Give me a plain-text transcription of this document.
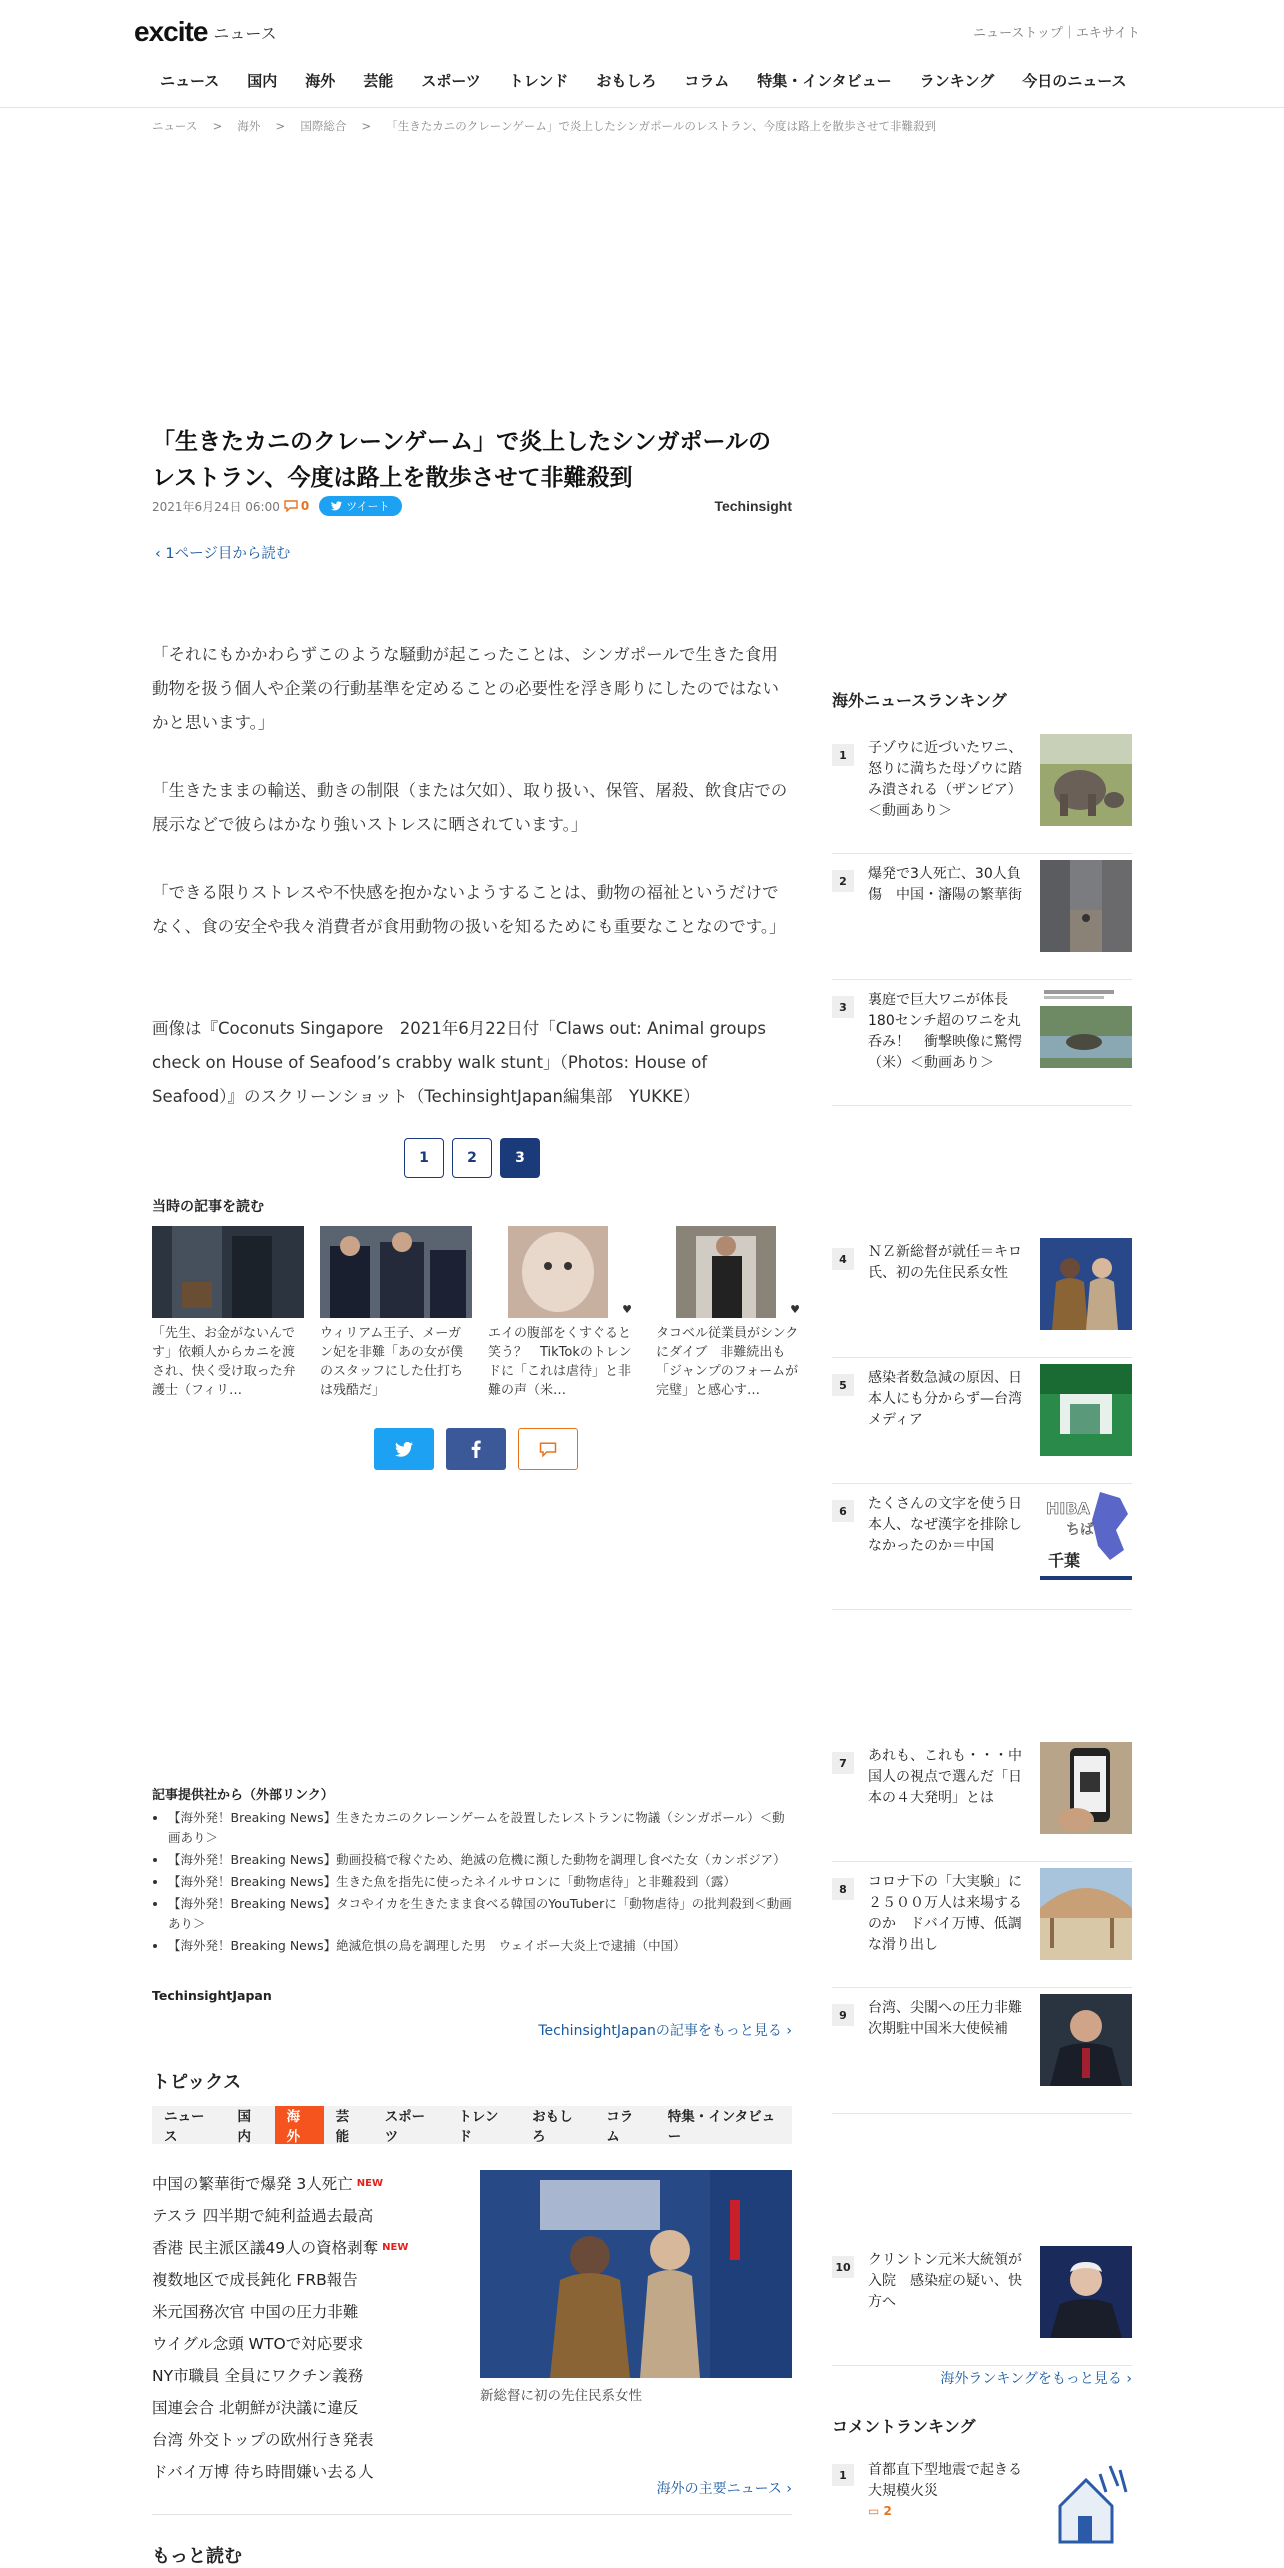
excite ニュース	ニューストップ｜エキサイト
ニュース	国内	海外	芸能	スポーツ	トレンド	おもしろ	コラム	特集・インタビュー	ランキング	今日のニュース
ニュース 　>　 海外 　>　 国際総合 　>　 「生きたカニのクレーンゲーム」で炎上したシンガポールのレストラン、今度は路上を散歩させて非難殺到
「生きたカニのクレーンゲーム」で炎上したシンガポールのレストラン、今度は路上を散歩させて非難殺到
2021年6月24日 06:00 0	ツイート	Techinsight
‹ 1ページ目から読む

「それにもかかわらずこのような騒動が起こったことは、シンガポールで生きた食用動物を扱う個人や企業の行動基準を定めることの必要性を浮き彫りにしたのではないかと思います。」

「生きたままの輸送、動きの制限（または欠如）、取り扱い、保管、屠殺、飲食店での展示などで彼らはかなり強いストレスに晒されています。」

「できる限りストレスや不快感を抱かないようすることは、動物の福祉というだけでなく、食の安全や我々消費者が食用動物の扱いを知るためにも重要なことなのです。」

画像は『Coconuts Singapore　2021年6月22日付「Claws out: Animal groups check on House of Seafood’s crabby walk stunt」（Photos: House of Seafood）』のスクリーンショット（TechinsightJapan編集部　YUKKE）

1	2	3
当時の記事を読む
「先生、お金がないんです」依頼人からカニを渡され、快く受け取った弁護士（フィリ…
ウィリアム王子、メーガン妃を非難「あの女が僕のスタッフにした仕打ちは残酷だ」
♥
エイの腹部をくすぐると笑う？　TikTokのトレンドに「これは虐待」と非難の声（米…
♥
タコベル従業員がシンクにダイブ　非難続出も「ジャンプのフォームが完璧」と感心す…
記事提供社から（外部リンク）
• 【海外発！Breaking News】生きたカニのクレーンゲームを設置したレストランに物議（シンガポール）＜動画あり＞
• 【海外発！Breaking News】動画投稿で稼ぐため、絶滅の危機に瀕した動物を調理し食べた女（カンボジア）
• 【海外発！Breaking News】生きた魚を指先に使ったネイルサロンに「動物虐待」と非難殺到（露）
• 【海外発！Breaking News】タコやイカを生きたまま食べる韓国のYouTuberに「動物虐待」の批判殺到＜動画あり＞
• 【海外発！Breaking News】絶滅危惧の鳥を調理した男　ウェイボー大炎上で逮捕（中国）
TechinsightJapan
TechinsightJapanの記事をもっと見る ›
トピックス
ニュース
国内
海外
芸能
スポーツ
トレンド
おもしろ
コラム
特集・インタビュー
中国の繁華街で爆発 3人死亡 $^{NEW}$
テスラ 四半期で純利益過去最高
香港 民主派区議49人の資格剥奪 $^{NEW}$
複数地区で成長鈍化 FRB報告
米元国務次官 中国の圧力非難
ウイグル念頭 WTOで対応要求
NY市職員 全員にワクチン義務
国連会合 北朝鮮が決議に違反
台湾 外交トップの欧州行き発表
ドバイ万博 待ち時間嫌い去る人
新総督に初の先住民系女性
海外の主要ニュース ›
もっと読む
海外ニュースランキング
1	子ゾウに近づいたワニ、怒りに満ちた母ゾウに踏み潰される（ザンビア）＜動画あり＞
2	爆発で3人死亡、30人負傷　中国・瀋陽の繁華街
3	裏庭で巨大ワニが体長180センチ超のワニを丸呑み！　衝撃映像に驚愕（米）＜動画あり＞
4	ＮＺ新総督が就任＝キロ氏、初の先住民系女性
5	感染者数急減の原因、日本人にも分からず—台湾メディア
6	たくさんの文字を使う日本人、なぜ漢字を排除しなかったのか＝中国
HIBA
ちば
千葉
7	あれも、これも・・・中国人の視点で選んだ「日本の４大発明」とは
8	コロナ下の「大実験」に２５００万人は来場するのか　ドバイ万博、低調な滑り出し
9	台湾、尖閣への圧力非難　次期駐中国米大使候補
10 クリントン元米大統領が入院　感染症の疑い、快方へ
海外ランキングをもっと見る ›
コメントランキング
1	首都直下型地震で起きる大規模火災
▭ 2
